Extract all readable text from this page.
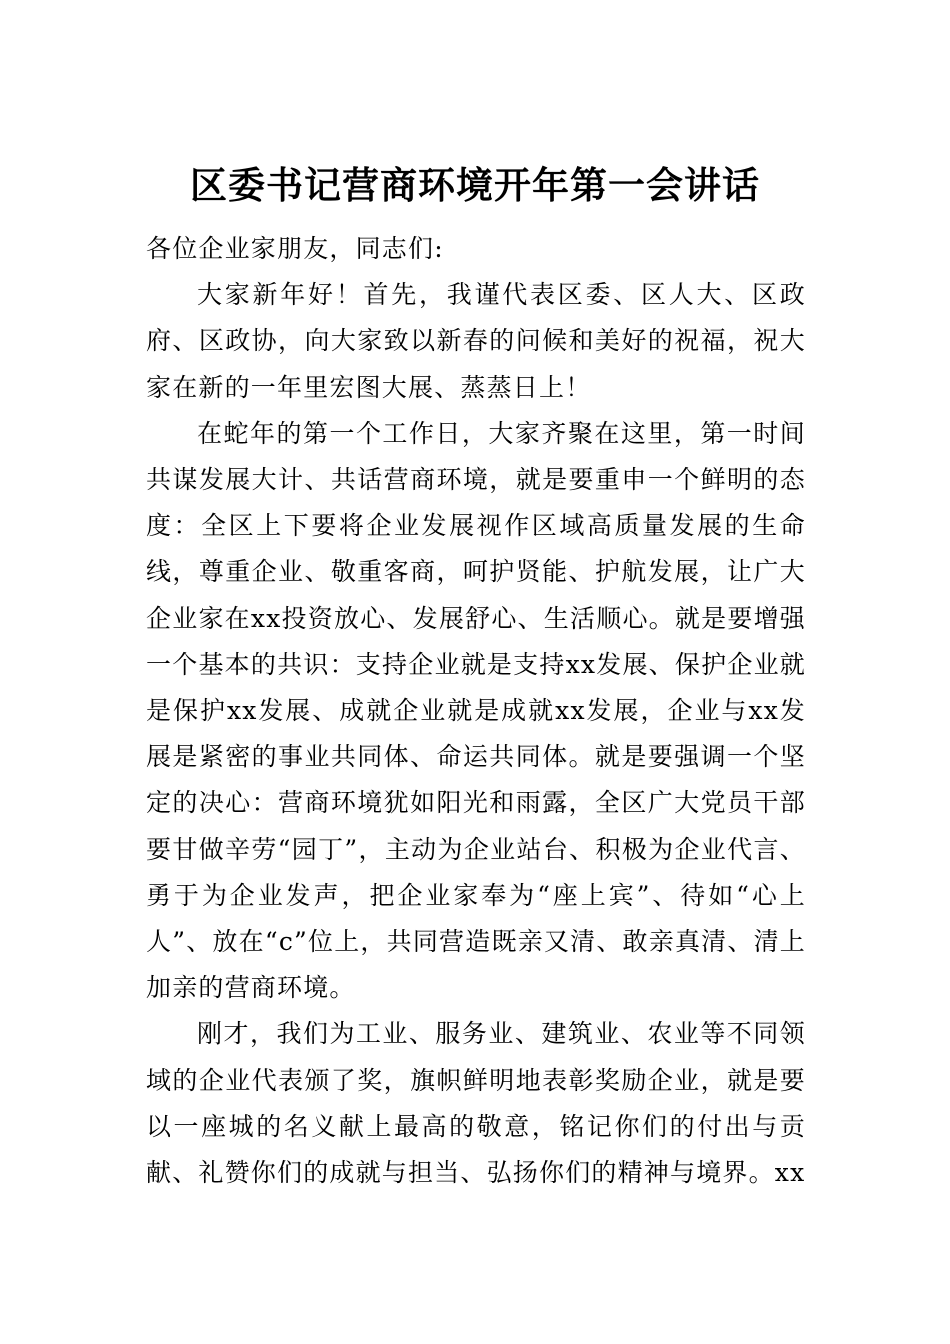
区委书记营商环境开年第一会讲话

各位企业家朋友，同志们:

大家新年好！首先，我谨代表区委、区人大、区政府、区政协，向大家致以新春的问候和美好的祝福，祝大家在新的一年里宏图大展、蒸蒸日上！

在蛇年的第一个工作日，大家齐聚在这里，第一时间共谋发展大计、共话营商环境，就是要重申一个鲜明的态度：全区上下要将企业发展视作区域高质量发展的生命线，尊重企业、敬重客商，呵护贤能、护航发展，让广大企业家在xx投资放心、发展舒心、生活顺心。就是要增强一个基本的共识：支持企业就是支持xx发展、保护企业就是保护xx发展、成就企业就是成就xx发展，企业与xx发展是紧密的事业共同体、命运共同体。就是要强调一个坚定的决心：营商环境犹如阳光和雨露，全区广大党员干部要甘做辛劳“园丁”，主动为企业站台、积极为企业代言、勇于为企业发声，把企业家奉为“座上宾”、待如“心上人”、放在“c”位上，共同营造既亲又清、敢亲真清、清上加亲的营商环境。

刚才，我们为工业、服务业、建筑业、农业等不同领域的企业代表颁了奖，旗帜鲜明地表彰奖励企业，就是要以一座城的名义献上最高的敬意，铭记你们的付出与贡献、礼赞你们的成就与担当、弘扬你们的精神与境界。xx
